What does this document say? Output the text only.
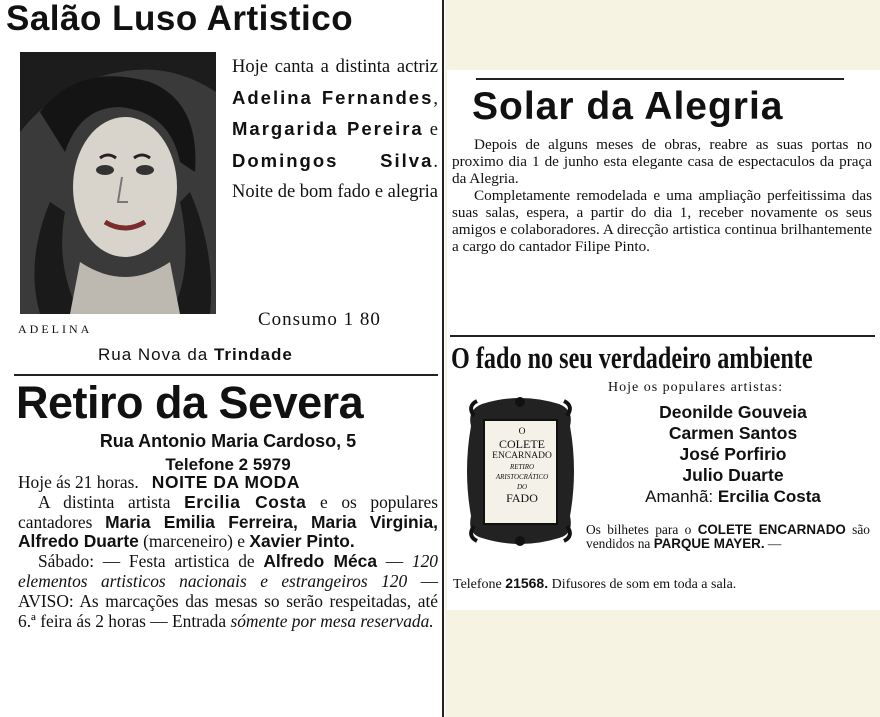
Salão Luso Artistico
ADELINA
Hoje canta a distinta actriz Adelina Fernandes, Margarida Pereira e Domingos Silva. Noite de bom fado e alegria
Consumo 1 80
Rua Nova da Trindade
Retiro da Severa
Rua Antonio Maria Cardoso, 5
Telefone 2 5979

Hoje ás 21 horas. NOITE DA MODA

A distinta artista Ercilia Costa e os populares cantadores Maria Emilia Ferreira, Maria Virginia, Alfredo Duarte (marceneiro) e Xavier Pinto.

Sábado: — Festa artistica de Alfredo Méca — 120 elementos artisticos nacionais e estrangeiros 120 — AVISO: As marcações das mesas so serão respeitadas, até 6.ª feira ás 2 horas — Entrada sómente por mesa reservada.

Solar da Alegria

Depois de alguns meses de obras, reabre as suas portas no proximo dia 1 de junho esta elegante casa de espectaculos da praça da Alegria.

Completamente remodelada e uma ampliação perfeitissima das suas salas, espera, a partir do dia 1, receber novamente os seus amigos e colaboradores. A direcção artistica continua brilhantemente a cargo do cantador Filipe Pinto.

O fado no seu verdadeiro ambiente
Hoje os populares artistas:
Deonilde Gouveia
Carmen Santos
José Porfirio
Julio Duarte
Amanhã: Ercilia Costa
O
COLETE
ENCARNADO
RETIRO
ARISTOCRÁTICO
DO
FADO
Os bilhetes para o COLETE ENCARNADO são vendidos na PARQUE MAYER. —
Telefone 21568. Difusores de som em toda a sala.
